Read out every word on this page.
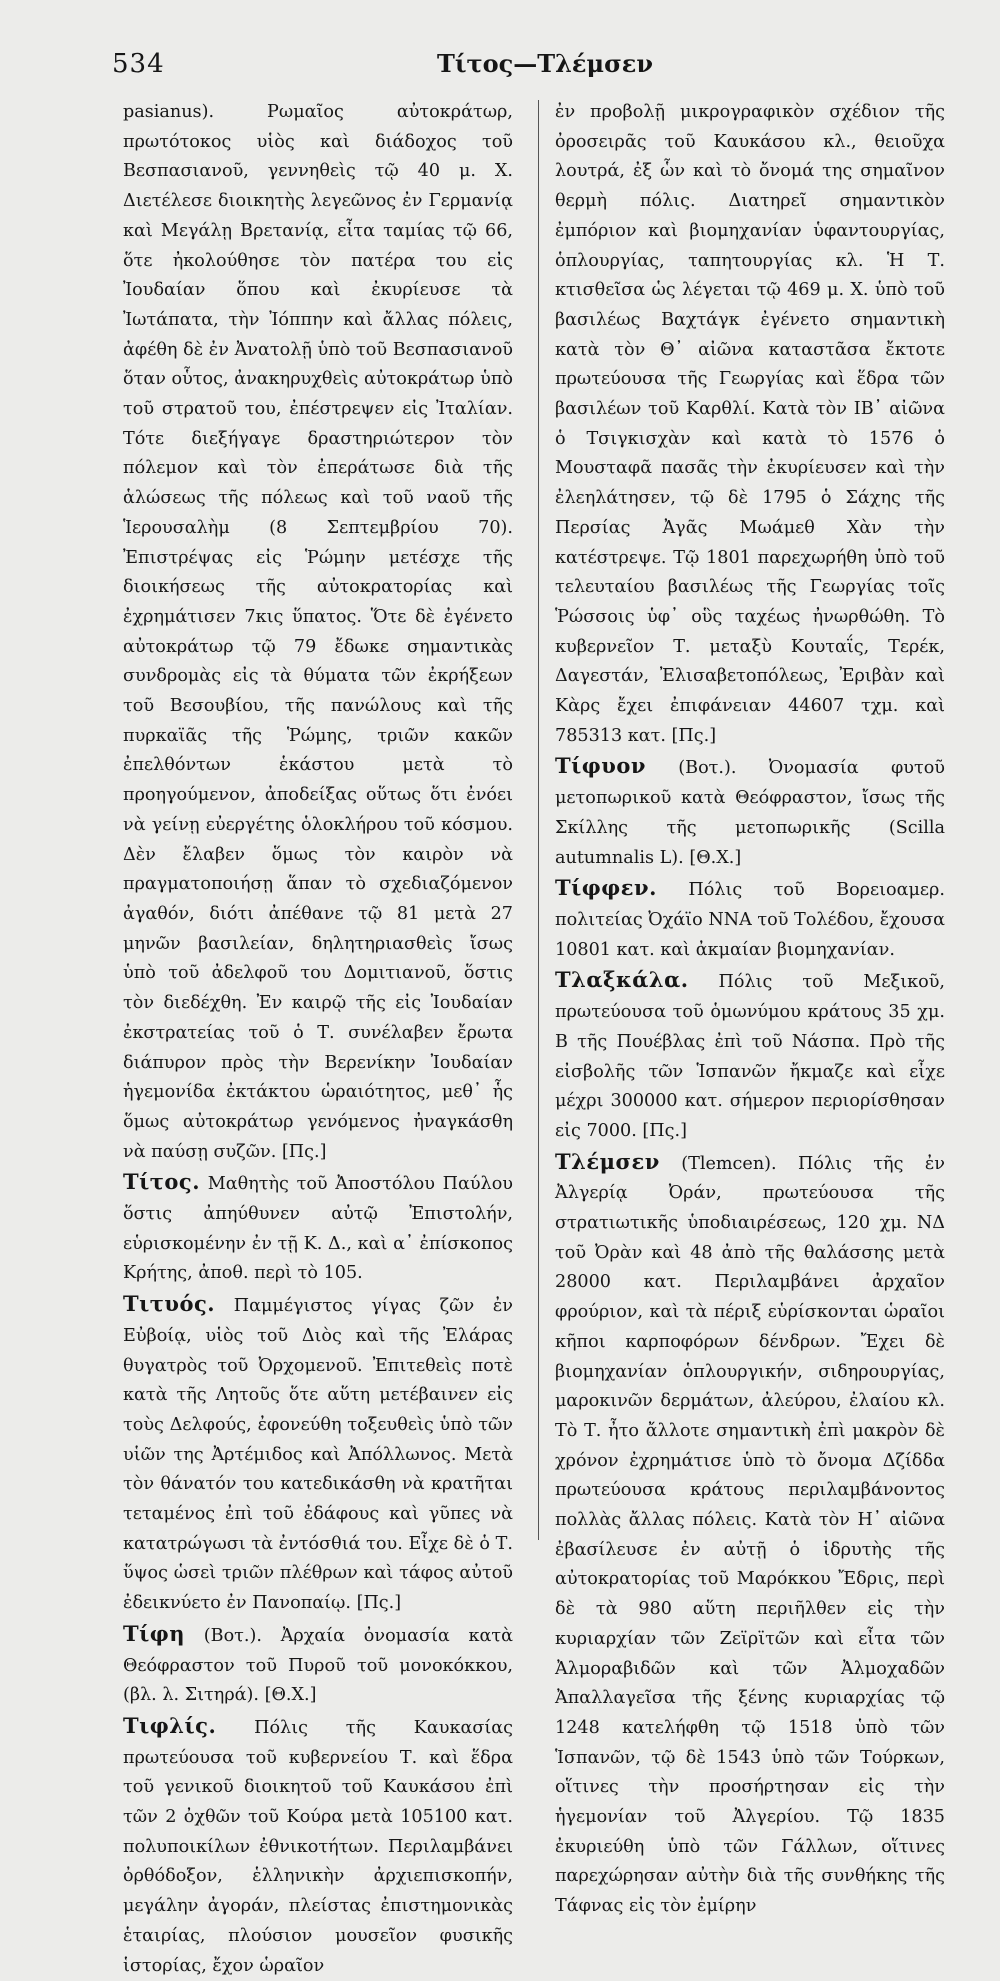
534	Τίτος—Τλέμσεν

pasianus). Ρωμαῖος αὐτοκράτωρ, πρωτότοκος υἱὸς καὶ διάδοχος τοῦ Βεσπασιανοῦ, γεννηθεὶς τῷ 40 μ. Χ. Διετέλεσε διοικητὴς λεγεῶνος ἐν Γερμανίᾳ καὶ Μεγάλῃ Βρετανίᾳ, εἶτα ταμίας τῷ 66, ὅτε ἠκολούθησε τὸν πατέρα του εἰς Ἰουδαίαν ὅπου καὶ ἐκυρίευσε τὰ Ἰωτάπατα, τὴν Ἰόππην καὶ ἄλλας πόλεις, ἀφέθη δὲ ἐν Ἀνατολῇ ὑπὸ τοῦ Βεσπασιανοῦ ὅταν οὗτος, ἀνακηρυχθεὶς αὐτοκράτωρ ὑπὸ τοῦ στρατοῦ του, ἐπέστρεψεν εἰς Ἰταλίαν. Τότε διεξήγαγε δραστηριώτερον τὸν πόλεμον καὶ τὸν ἐπεράτωσε διὰ τῆς ἁλώσεως τῆς πόλεως καὶ τοῦ ναοῦ τῆς Ἱερουσαλὴμ (8 Σεπτεμβρίου 70). Ἐπιστρέψας εἰς Ῥώμην μετέσχε τῆς διοικήσεως τῆς αὐτοκρατορίας καὶ ἐχρημάτισεν 7κις ὕπατος. Ὅτε δὲ ἐγένετο αὐτοκράτωρ τῷ 79 ἔδωκε σημαντικὰς συνδρομὰς εἰς τὰ θύματα τῶν ἐκρήξεων τοῦ Βεσουβίου, τῆς πανώλους καὶ τῆς πυρκαϊᾶς τῆς Ῥώμης, τριῶν κακῶν ἐπελθόντων ἑκάστου μετὰ τὸ προηγούμενον, ἀποδείξας οὕτως ὅτι ἐνόει νὰ γείνῃ εὐεργέτης ὁλοκλήρου τοῦ κόσμου. Δὲν ἔλαβεν ὅμως τὸν καιρὸν νὰ πραγματοποιήσῃ ἅπαν τὸ σχεδιαζόμενον ἀγαθόν, διότι ἀπέθανε τῷ 81 μετὰ 27 μηνῶν βασιλείαν, δηλητηριασθεὶς ἴσως ὑπὸ τοῦ ἀδελφοῦ του Δομιτιανοῦ, ὅστις τὸν διεδέχθη. Ἐν καιρῷ τῆς εἰς Ἰουδαίαν ἐκστρατείας τοῦ ὁ Τ. συνέλαβεν ἔρωτα διάπυρον πρὸς τὴν Βερενίκην Ἰουδαίαν ἡγεμονίδα ἐκτάκτου ὡραιότητος, μεθ᾽ ἧς ὅμως αὐτοκράτωρ γενόμενος ἠναγκάσθη νὰ παύσῃ συζῶν. [Πς.]

Τίτος. Μαθητὴς τοῦ Ἀποστόλου Παύλου ὅστις ἀπηύθυνεν αὐτῷ Ἐπιστολήν, εὑρισκομένην ἐν τῇ Κ. Δ., καὶ α᾽ ἐπίσκοπος Κρήτης, ἀποθ. περὶ τὸ 105.

Τιτυός. Παμμέγιστος γίγας ζῶν ἐν Εὐβοίᾳ, υἱὸς τοῦ Διὸς καὶ τῆς Ἐλάρας θυγατρὸς τοῦ Ὀρχομενοῦ. Ἐπιτεθεὶς ποτὲ κατὰ τῆς Λητοῦς ὅτε αὕτη μετέβαινεν εἰς τοὺς Δελφούς, ἐφονεύθη τοξευθεὶς ὑπὸ τῶν υἱῶν της Ἀρτέμιδος καὶ Ἀπόλλωνος. Μετὰ τὸν θάνατόν του κατεδικάσθη νὰ κρατῆται τεταμένος ἐπὶ τοῦ ἐδάφους καὶ γῦπες νὰ κατατρώγωσι τὰ ἐντόσθιά του. Εἶχε δὲ ὁ Τ. ὕψος ὡσεὶ τριῶν πλέθρων καὶ τάφος αὐτοῦ ἐδεικνύετο ἐν Πανοπαίῳ. [Πς.]

Τίφη (Βοτ.). Ἀρχαία ὀνομασία κατὰ Θεόφραστον τοῦ Πυροῦ τοῦ μονοκόκκου, (βλ. λ. Σιτηρά). [Θ.Χ.]

Τιφλίς. Πόλις τῆς Καυκασίας πρωτεύουσα τοῦ κυβερνείου Τ. καὶ ἕδρα τοῦ γενικοῦ διοικητοῦ τοῦ Καυκάσου ἐπὶ τῶν 2 ὀχθῶν τοῦ Κούρα μετὰ 105100 κατ. πολυποικίλων ἐθνικοτήτων. Περιλαμβάνει ὀρθόδοξον, ἑλληνικὴν ἀρχιεπισκοπήν, μεγάλην ἀγοράν, πλείστας ἐπιστημονικὰς ἑταιρίας, πλούσιον μουσεῖον φυσικῆς ἱστορίας, ἔχον ὡραῖον

ἐν προβολῇ μικρογραφικὸν σχέδιον τῆς ὀροσειρᾶς τοῦ Καυκάσου κλ., θειοῦχα λουτρά, ἐξ ὧν καὶ τὸ ὄνομά της σημαῖνον θερμὴ πόλις. Διατηρεῖ σημαντικὸν ἐμπόριον καὶ βιομηχανίαν ὑφαντουργίας, ὁπλουργίας, ταπητουργίας κλ. Ἡ Τ. κτισθεῖσα ὡς λέγεται τῷ 469 μ. Χ. ὑπὸ τοῦ βασιλέως Βαχτάγκ ἐγένετο σημαντικὴ κατὰ τὸν Θ᾽ αἰῶνα καταστᾶσα ἔκτοτε πρωτεύουσα τῆς Γεωργίας καὶ ἕδρα τῶν βασιλέων τοῦ Καρθλί. Κατὰ τὸν ΙΒ᾽ αἰῶνα ὁ Τσιγκισχὰν καὶ κατὰ τὸ 1576 ὁ Μουσταφᾶ πασᾶς τὴν ἐκυρίευσεν καὶ τὴν ἐλεηλάτησεν, τῷ δὲ 1795 ὁ Σάχης τῆς Περσίας Ἀγᾶς Μωάμεθ Χὰν τὴν κατέστρεψε. Τῷ 1801 παρεχωρήθη ὑπὸ τοῦ τελευταίου βασιλέως τῆς Γεωργίας τοῖς Ῥώσσοις ὑφ᾽ οὓς ταχέως ἠνωρθώθη. Τὸ κυβερνεῖον Τ. μεταξὺ Κουταΐς, Τερέκ, Δαγεστάν, Ἐλισαβετοπόλεως, Ἐριβὰν καὶ Κὰρς ἔχει ἐπιφάνειαν 44607 τχμ. καὶ 785313 κατ. [Πς.]

Τίφυον (Βοτ.). Ὀνομασία φυτοῦ μετοπωρικοῦ κατὰ Θεόφραστον, ἴσως τῆς Σκίλλης τῆς μετοπωρικῆς (Scilla autumnalis L). [Θ.Χ.]

Τίφφεν. Πόλις τοῦ Βορειοαμερ. πολιτείας Ὀχάϊο ΝΝΑ τοῦ Τολέδου, ἔχουσα 10801 κατ. καὶ ἀκμαίαν βιομηχανίαν.

Τλαξκάλα. Πόλις τοῦ Μεξικοῦ, πρωτεύουσα τοῦ ὁμωνύμου κράτους 35 χμ. Β τῆς Πουέβλας ἐπὶ τοῦ Νάσπα. Πρὸ τῆς εἰσβολῆς τῶν Ἱσπανῶν ἤκμαζε καὶ εἶχε μέχρι 300000 κατ. σήμερον περιορίσθησαν εἰς 7000. [Πς.]

Τλέμσεν (Tlemcen). Πόλις τῆς ἐν Ἀλγερίᾳ Ὀράν, πρωτεύουσα τῆς στρατιωτικῆς ὑποδιαιρέσεως, 120 χμ. ΝΔ τοῦ Ὀρὰν καὶ 48 ἀπὸ τῆς θαλάσσης μετὰ 28000 κατ. Περιλαμβάνει ἀρχαῖον φρούριον, καὶ τὰ πέριξ εὑρίσκονται ὡραῖοι κῆποι καρποφόρων δένδρων. Ἔχει δὲ βιομηχανίαν ὁπλουργικήν, σιδηρουργίας, μαροκινῶν δερμάτων, ἀλεύρου, ἐλαίου κλ. Τὸ Τ. ἦτο ἄλλοτε σημαντικὴ ἐπὶ μακρὸν δὲ χρόνον ἐχρημάτισε ὑπὸ τὸ ὄνομα Δζίδδα πρωτεύουσα κράτους περιλαμβάνοντος πολλὰς ἄλλας πόλεις. Κατὰ τὸν Η᾽ αἰῶνα ἐβασίλευσε ἐν αὐτῇ ὁ ἱδρυτὴς τῆς αὐτοκρατορίας τοῦ Μαρόκκου Ἔδρις, περὶ δὲ τὰ 980 αὕτη περιῆλθεν εἰς τὴν κυριαρχίαν τῶν Ζεϊρϊτῶν καὶ εἶτα τῶν Ἀλμοραβιδῶν καὶ τῶν Ἀλμοχαδῶν Ἀπαλλαγεῖσα τῆς ξένης κυριαρχίας τῷ 1248 κατελήφθη τῷ 1518 ὑπὸ τῶν Ἱσπανῶν, τῷ δὲ 1543 ὑπὸ τῶν Τούρκων, οἵτινες τὴν προσήρτησαν εἰς τὴν ἡγεμονίαν τοῦ Ἀλγερίου. Τῷ 1835 ἐκυριεύθη ὑπὸ τῶν Γάλλων, οἵτινες παρεχώρησαν αὐτὴν διὰ τῆς συνθήκης τῆς Τάφνας εἰς τὸν ἐμίρην
